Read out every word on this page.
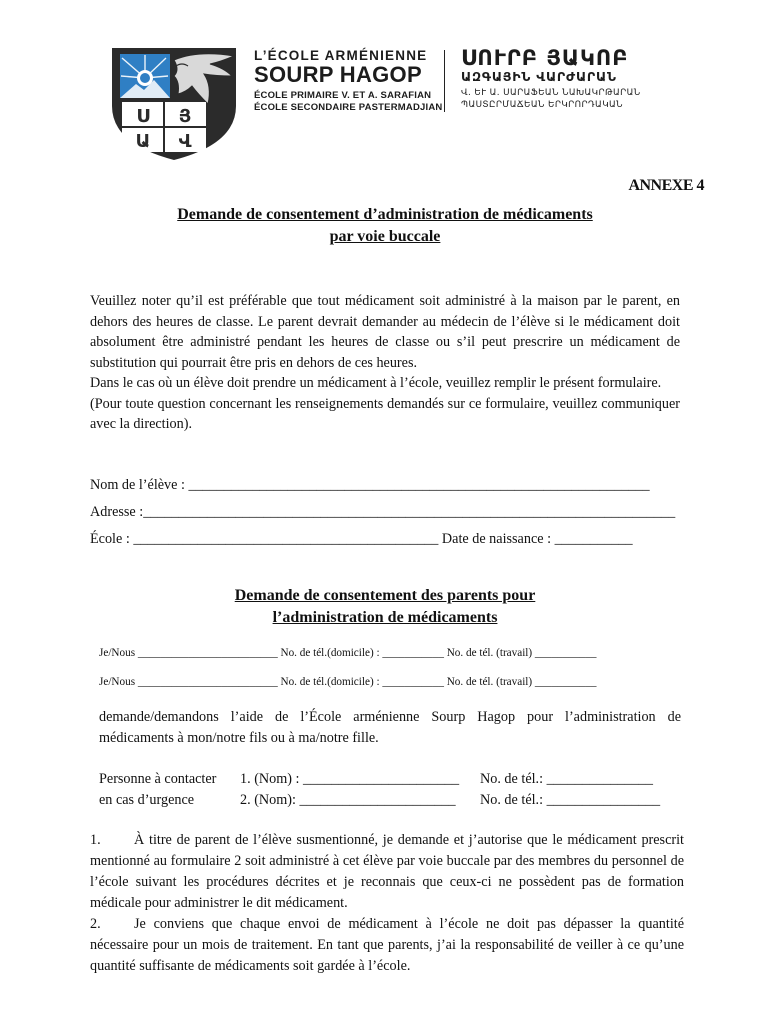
Ս Յ
Ա Վ
L’ÉCOLE ARMÉNIENNE
SOURP HAGOP
ÉCOLE PRIMAIRE V. ET A. SARAFIAN
ÉCOLE SECONDAIRE PASTERMADJIAN
ՍՈՒՐԲ ՅԱԿՈԲ
ԱԶԳԱՅԻՆ ՎԱՐԺԱՐԱՆ
Վ. ԵՒ Ա. ՍԱՐԱՖԵԱՆ ՆԱԽԱԿՐԹԱՐԱՆ
ՊԱՍՏԸՐՄԱՃԵԱՆ ԵՐԿՐՈՐԴԱԿԱՆ
ANNEXE 4
Demande de consentement d’administration de médicaments
par voie buccale

Veuillez noter qu’il est préférable que tout médicament soit administré à la maison par le parent, en dehors des heures de classe. Le parent devrait demander au médecin de l’élève si le médicament doit absolument être administré pendant les heures de classe ou s’il peut prescrire un médicament de substitution qui pourrait être pris en dehors de ces heures.

Dans le cas où un élève doit prendre un médicament à l’école, veuillez remplir le présent formulaire.

(Pour toute question concernant les renseignements demandés sur ce formulaire, veuillez communiquer avec la direction).

Nom de l’élève : _________________________________________________________________
Adresse :___________________________________________________________________________
École : ___________________________________________ Date de naissance : ___________
Demande de consentement des parents pour
l’administration de médicaments
Je/Nous _________________________ No. de tél.(domicile) : ___________ No. de tél. (travail) ___________
Je/Nous _________________________ No. de tél.(domicile) : ___________ No. de tél. (travail) ___________
demande/demandons l’aide de l’École arménienne Sourp Hagop pour l’administration de médicaments à mon/notre fils ou à ma/notre fille.
Personne à contacter 1. (Nom) : ______________________ No. de tél.: _______________
en cas d’urgence	2. (Nom): ______________________ No. de tél.: ________________

1. À titre de parent de l’élève susmentionné, je demande et j’autorise que le médicament prescrit mentionné au formulaire 2 soit administré à cet élève par voie buccale par des membres du personnel de l’école suivant les procédures décrites et je reconnais que ceux-ci ne possèdent pas de formation médicale pour administrer le dit médicament.

2. Je conviens que chaque envoi de médicament à l’école ne doit pas dépasser la quantité nécessaire pour un mois de traitement. En tant que parents, j’ai la responsabilité de veiller à ce qu’une quantité suffisante de médicaments soit gardée à l’école.
